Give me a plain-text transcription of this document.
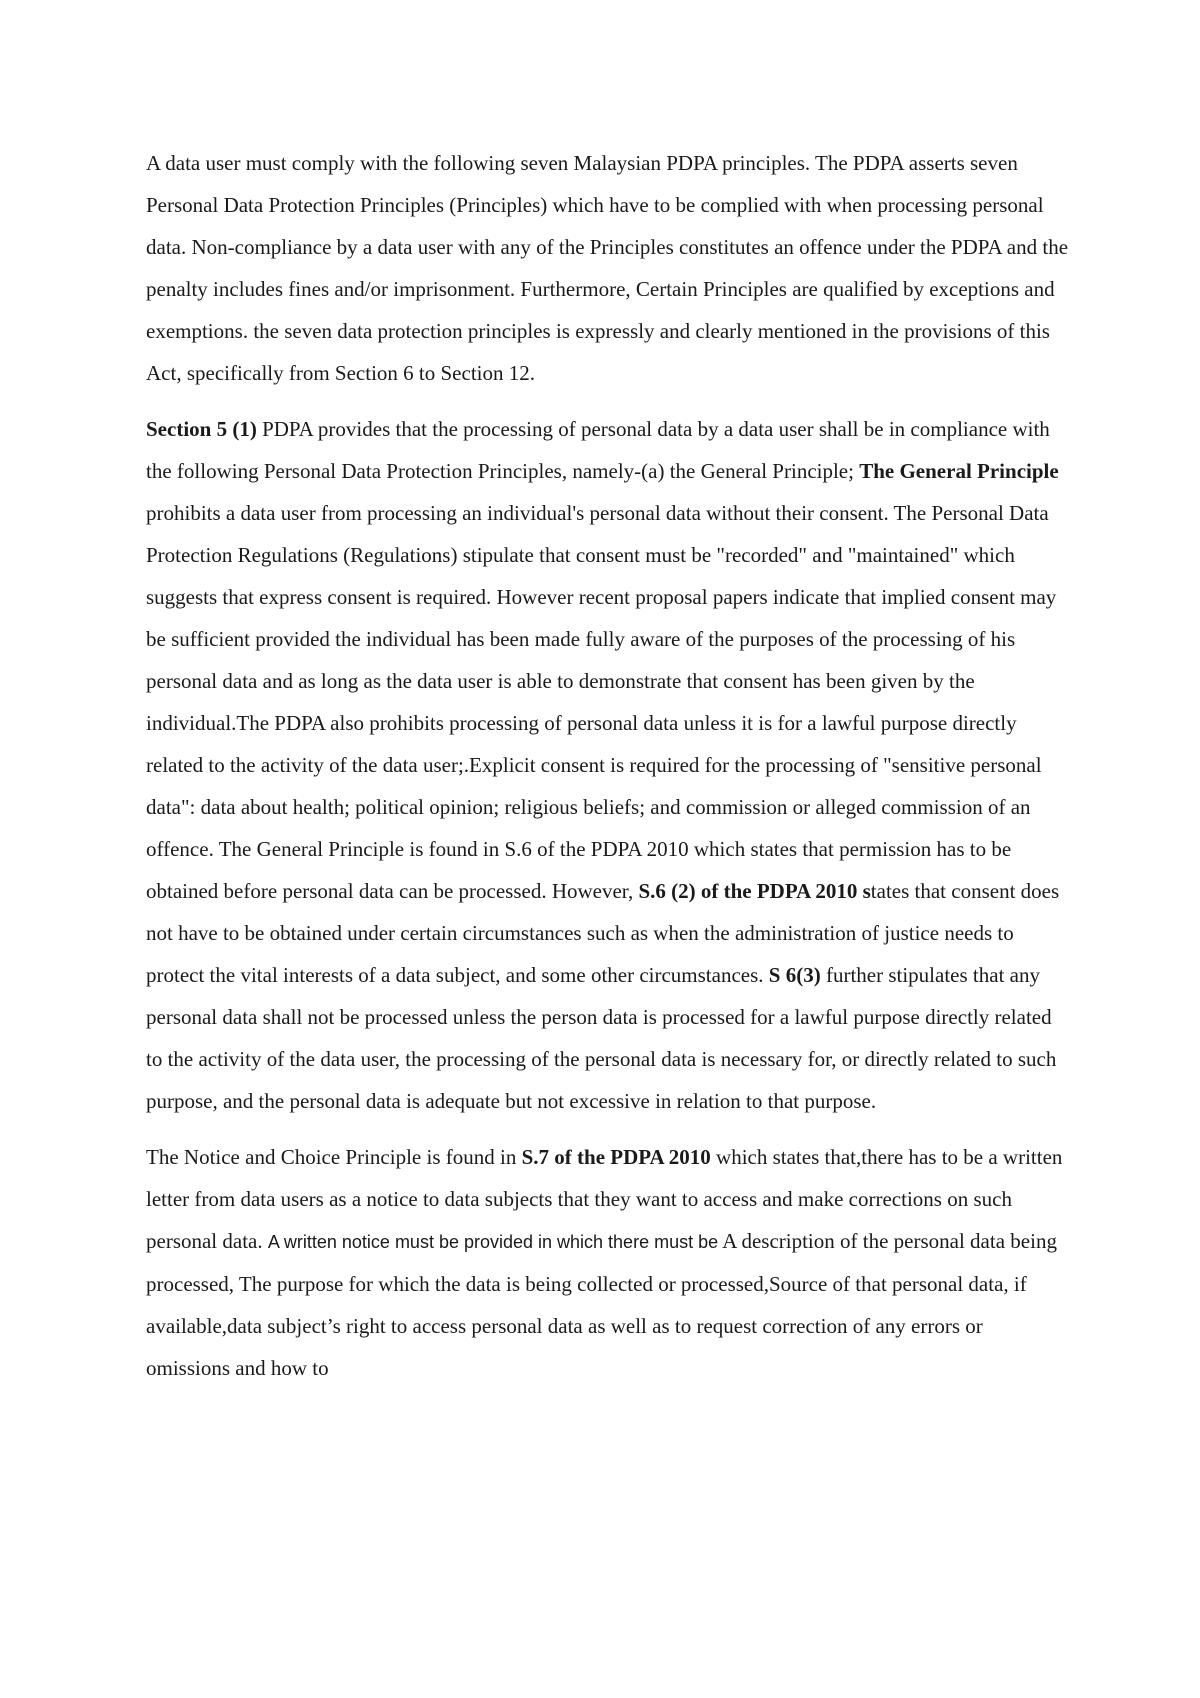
A data user must comply with the following seven Malaysian PDPA principles. The PDPA asserts seven Personal Data Protection Principles (Principles) which have to be complied with when processing personal data. Non-compliance by a data user with any of the Principles constitutes an offence under the PDPA and the penalty includes fines and/or imprisonment. Furthermore, Certain Principles are qualified by exceptions and exemptions. the seven data protection principles is expressly and clearly mentioned in the provisions of this Act, specifically from Section 6 to Section 12.

Section 5 (1) PDPA provides that the processing of personal data by a data user shall be in compliance with the following Personal Data Protection Principles, namely-(a) the General Principle; The General Principle prohibits a data user from processing an individual's personal data without their consent. The Personal Data Protection Regulations (Regulations) stipulate that consent must be "recorded" and "maintained" which suggests that express consent is required. However recent proposal papers indicate that implied consent may be sufficient provided the individual has been made fully aware of the purposes of the processing of his personal data and as long as the data user is able to demonstrate that consent has been given by the individual.The PDPA also prohibits processing of personal data unless it is for a lawful purpose directly related to the activity of the data user;.Explicit consent is required for the processing of "sensitive personal data": data about health; political opinion; religious beliefs; and commission or alleged commission of an offence. The General Principle is found in S.6 of the PDPA 2010 which states that permission has to be obtained before personal data can be processed. However, S.6 (2) of the PDPA 2010 states that consent does not have to be obtained under certain circumstances such as when the administration of justice needs to protect the vital interests of a data subject, and some other circumstances. S 6(3) further stipulates that any personal data shall not be processed unless the person data is processed for a lawful purpose directly related to the activity of the data user, the processing of the personal data is necessary for, or directly related to such purpose, and the personal data is adequate but not excessive in relation to that purpose.

The Notice and Choice Principle is found in S.7 of the PDPA 2010 which states that,there has to be a written letter from data users as a notice to data subjects that they want to access and make corrections on such personal data. A written notice must be provided in which there must be A description of the personal data being processed, The purpose for which the data is being collected or processed,Source of that personal data, if available,data subject’s right to access personal data as well as to request correction of any errors or omissions and how to
